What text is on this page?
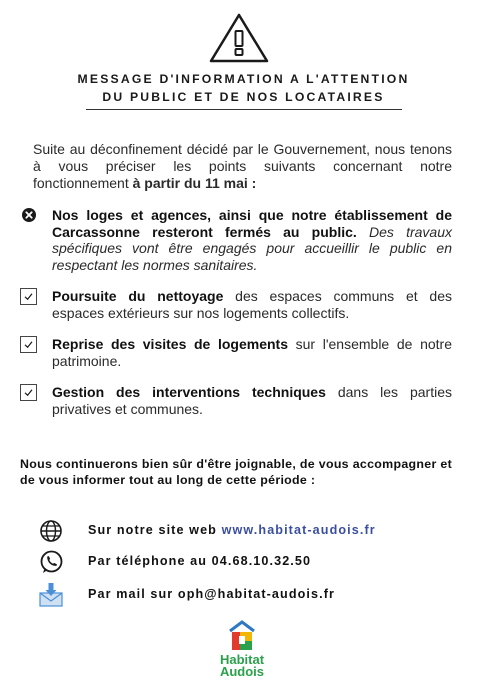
MESSAGE D'INFORMATION A L'ATTENTION
DU PUBLIC ET DE NOS LOCATAIRES
Suite au déconfinement décidé par le Gouvernement, nous tenons à vous préciser les points suivants concernant notre fonctionnement à partir du 11 mai :
Nos loges et agences, ainsi que notre établissement de Carcassonne resteront fermés au public. Des travaux spécifiques vont être engagés pour accueillir le public en respectant les normes sanitaires.
Poursuite du nettoyage des espaces communs et des espaces extérieurs sur nos logements collectifs.
Reprise des visites de logements sur l'ensemble de notre patrimoine.
Gestion des interventions techniques dans les parties privatives et communes.
Nous continuerons bien sûr d'être joignable, de vous accompagner et de vous informer tout au long de cette période :
Sur notre site web www.habitat-audois.fr
Par téléphone au 04.68.10.32.50
Par mail sur oph@habitat-audois.fr
Habitat
Audois
